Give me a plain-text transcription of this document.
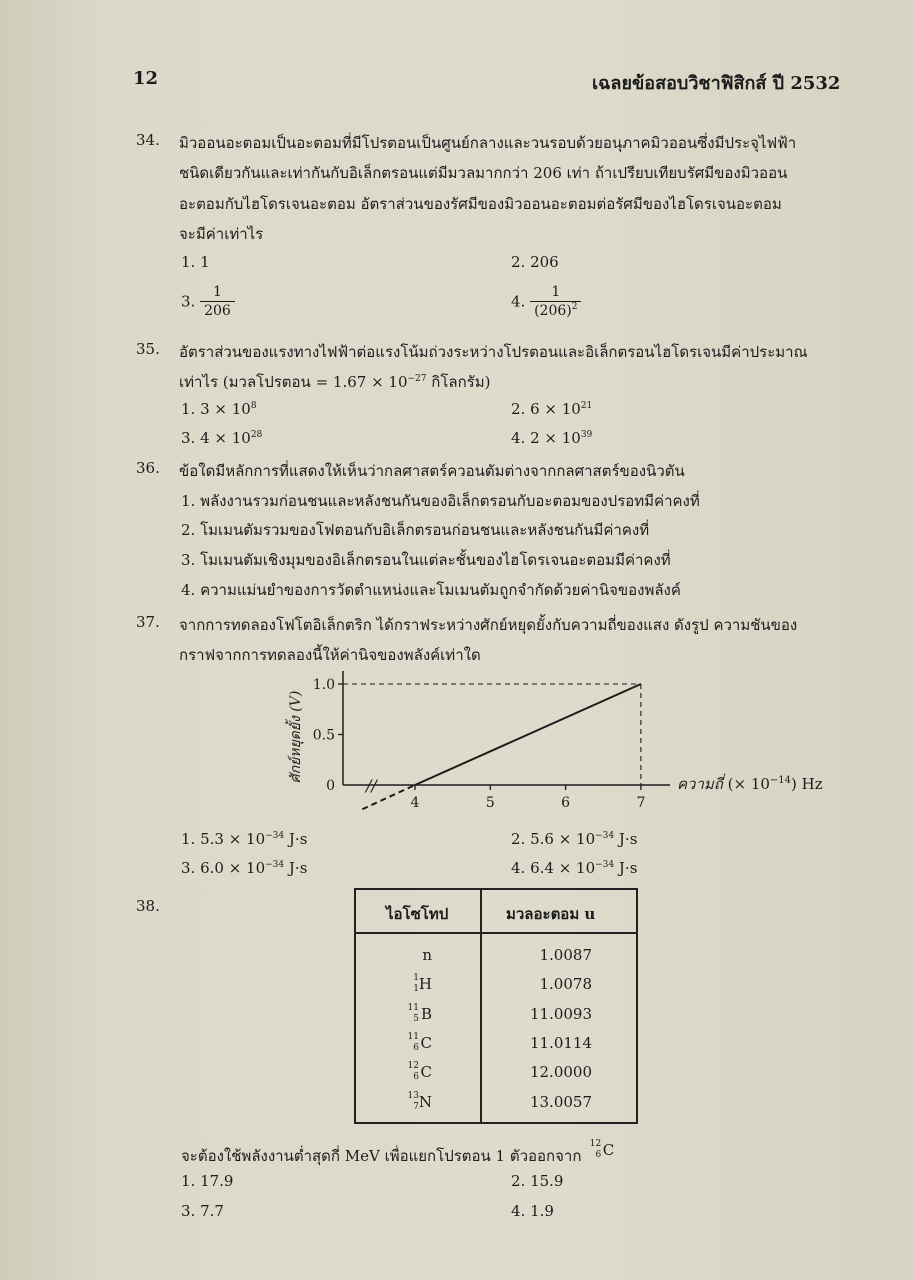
12	เฉลยข้อสอบวิชาฟิสิกส์ ปี 2532
34. มิวออนอะตอมเป็นอะตอมที่มีโปรตอนเป็นศูนย์กลางและวนรอบด้วยอนุภาคมิวออนซึ่งมีประจุไฟฟ้า
ชนิดเดียวกันและเท่ากันกับอิเล็กตรอนแต่มีมวลมากกว่า 206 เท่า ถ้าเปรียบเทียบรัศมีของมิวออน
อะตอมกับไฮโดรเจนอะตอม อัตราส่วนของรัศมีของมิวออนอะตอมต่อรัศมีของไฮโดรเจนอะตอม
จะมีค่าเท่าไร
1. 1	2. 206
3. $\frac{1}{206}$	4. $\frac{1}{(206)^2}$
35. อัตราส่วนของแรงทางไฟฟ้าต่อแรงโน้มถ่วงระหว่างโปรตอนและอิเล็กตรอนไฮโดรเจนมีค่าประมาณ
เท่าไร (มวลโปรตอน = $1.67 \times 10^{-27}$ กิโลกรัม)
1. $3 \times 10^8$	2. $6 \times 10^{21}$
3. $4 \times 10^{28}$	4. $2 \times 10^{39}$
36. ข้อใดมีหลักการที่แสดงให้เห็นว่ากลศาสตร์ควอนตัมต่างจากกลศาสตร์ของนิวตัน
1. พลังงานรวมก่อนชนและหลังชนกันของอิเล็กตรอนกับอะตอมของปรอทมีค่าคงที่
2. โมเมนตัมรวมของโฟตอนกับอิเล็กตรอนก่อนชนและหลังชนกันมีค่าคงที่
3. โมเมนตัมเชิงมุมของอิเล็กตรอนในแต่ละชั้นของไฮโดรเจนอะตอมมีค่าคงที่
4. ความแม่นยำของการวัดตำแหน่งและโมเมนตัมถูกจำกัดด้วยค่านิจของพลังค์
37. จากการทดลองโฟโตอิเล็กตริก ได้กราฟระหว่างศักย์หยุดยั้งกับความถี่ของแสง ดังรูป ความชันของ
กราฟจากการทดลองนี้ให้ค่านิจของพลังค์เท่าใด
0
0.5
1.0
4	5	6	7
//
ศักย์หยุดยั้ง (V)
ความถี่ (× $10^{-14}$) Hz
1. $5.3 \times 10^{-34}$ J·s	2. $5.6 \times 10^{-34}$ J·s
3. $6.0 \times 10^{-34}$ J·s	4. $6.4 \times 10^{-34}$ J·s
38.	ไอโซโทป	มวลอะตอม u
n	1.0087
1
1 H	1.0078
11
5 B	11.0093
11
6 C	11.0114
12
6 C	12.0000
13
7 N	13.0057
จะต้องใช้พลังงานต่ำสุดกี่ MeV เพื่อแยกโปรตอน 1 ตัวออกจาก
12
6 C
1. 17.9	2. 15.9
3. 7.7	4. 1.9
